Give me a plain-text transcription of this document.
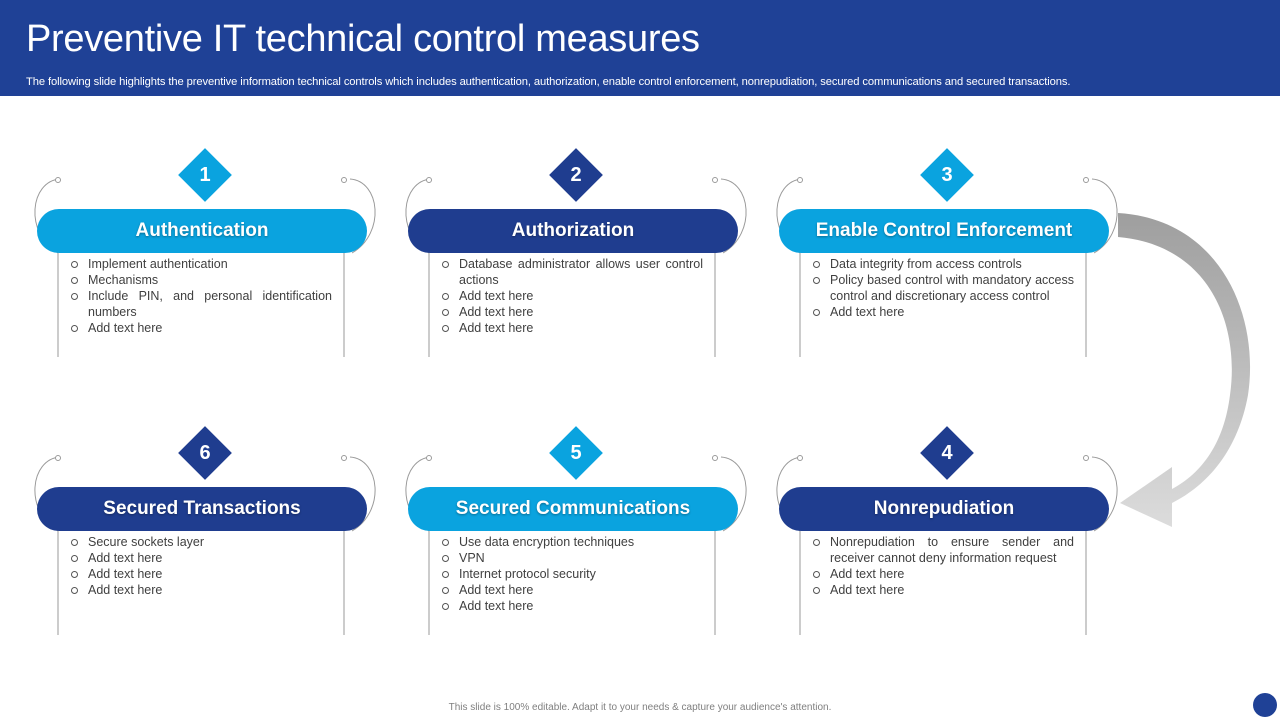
Preventive IT technical control measures

The following slide highlights the preventive information technical controls which includes authentication, authorization, enable control enforcement, nonrepudiation, secured communications and secured transactions.

1
Authentication
Implement authentication
Mechanisms
Include PIN, and personal identification numbers
Add text here
2
Authorization
Database administrator allows user control actions
Add text here
Add text here
Add text here
3
Enable Control Enforcement
Data integrity from access controls
Policy based control with mandatory access control and discretionary access control
Add text here
6
Secured Transactions
Secure sockets layer
Add text here
Add text here
Add text here
5
Secured Communications
Use data encryption techniques
VPN
Internet protocol security
Add text here
Add text here
4
Nonrepudiation
Nonrepudiation to ensure sender and receiver cannot deny information request
Add text here
Add text here
This slide is 100% editable. Adapt it to your needs & capture your audience's attention.
